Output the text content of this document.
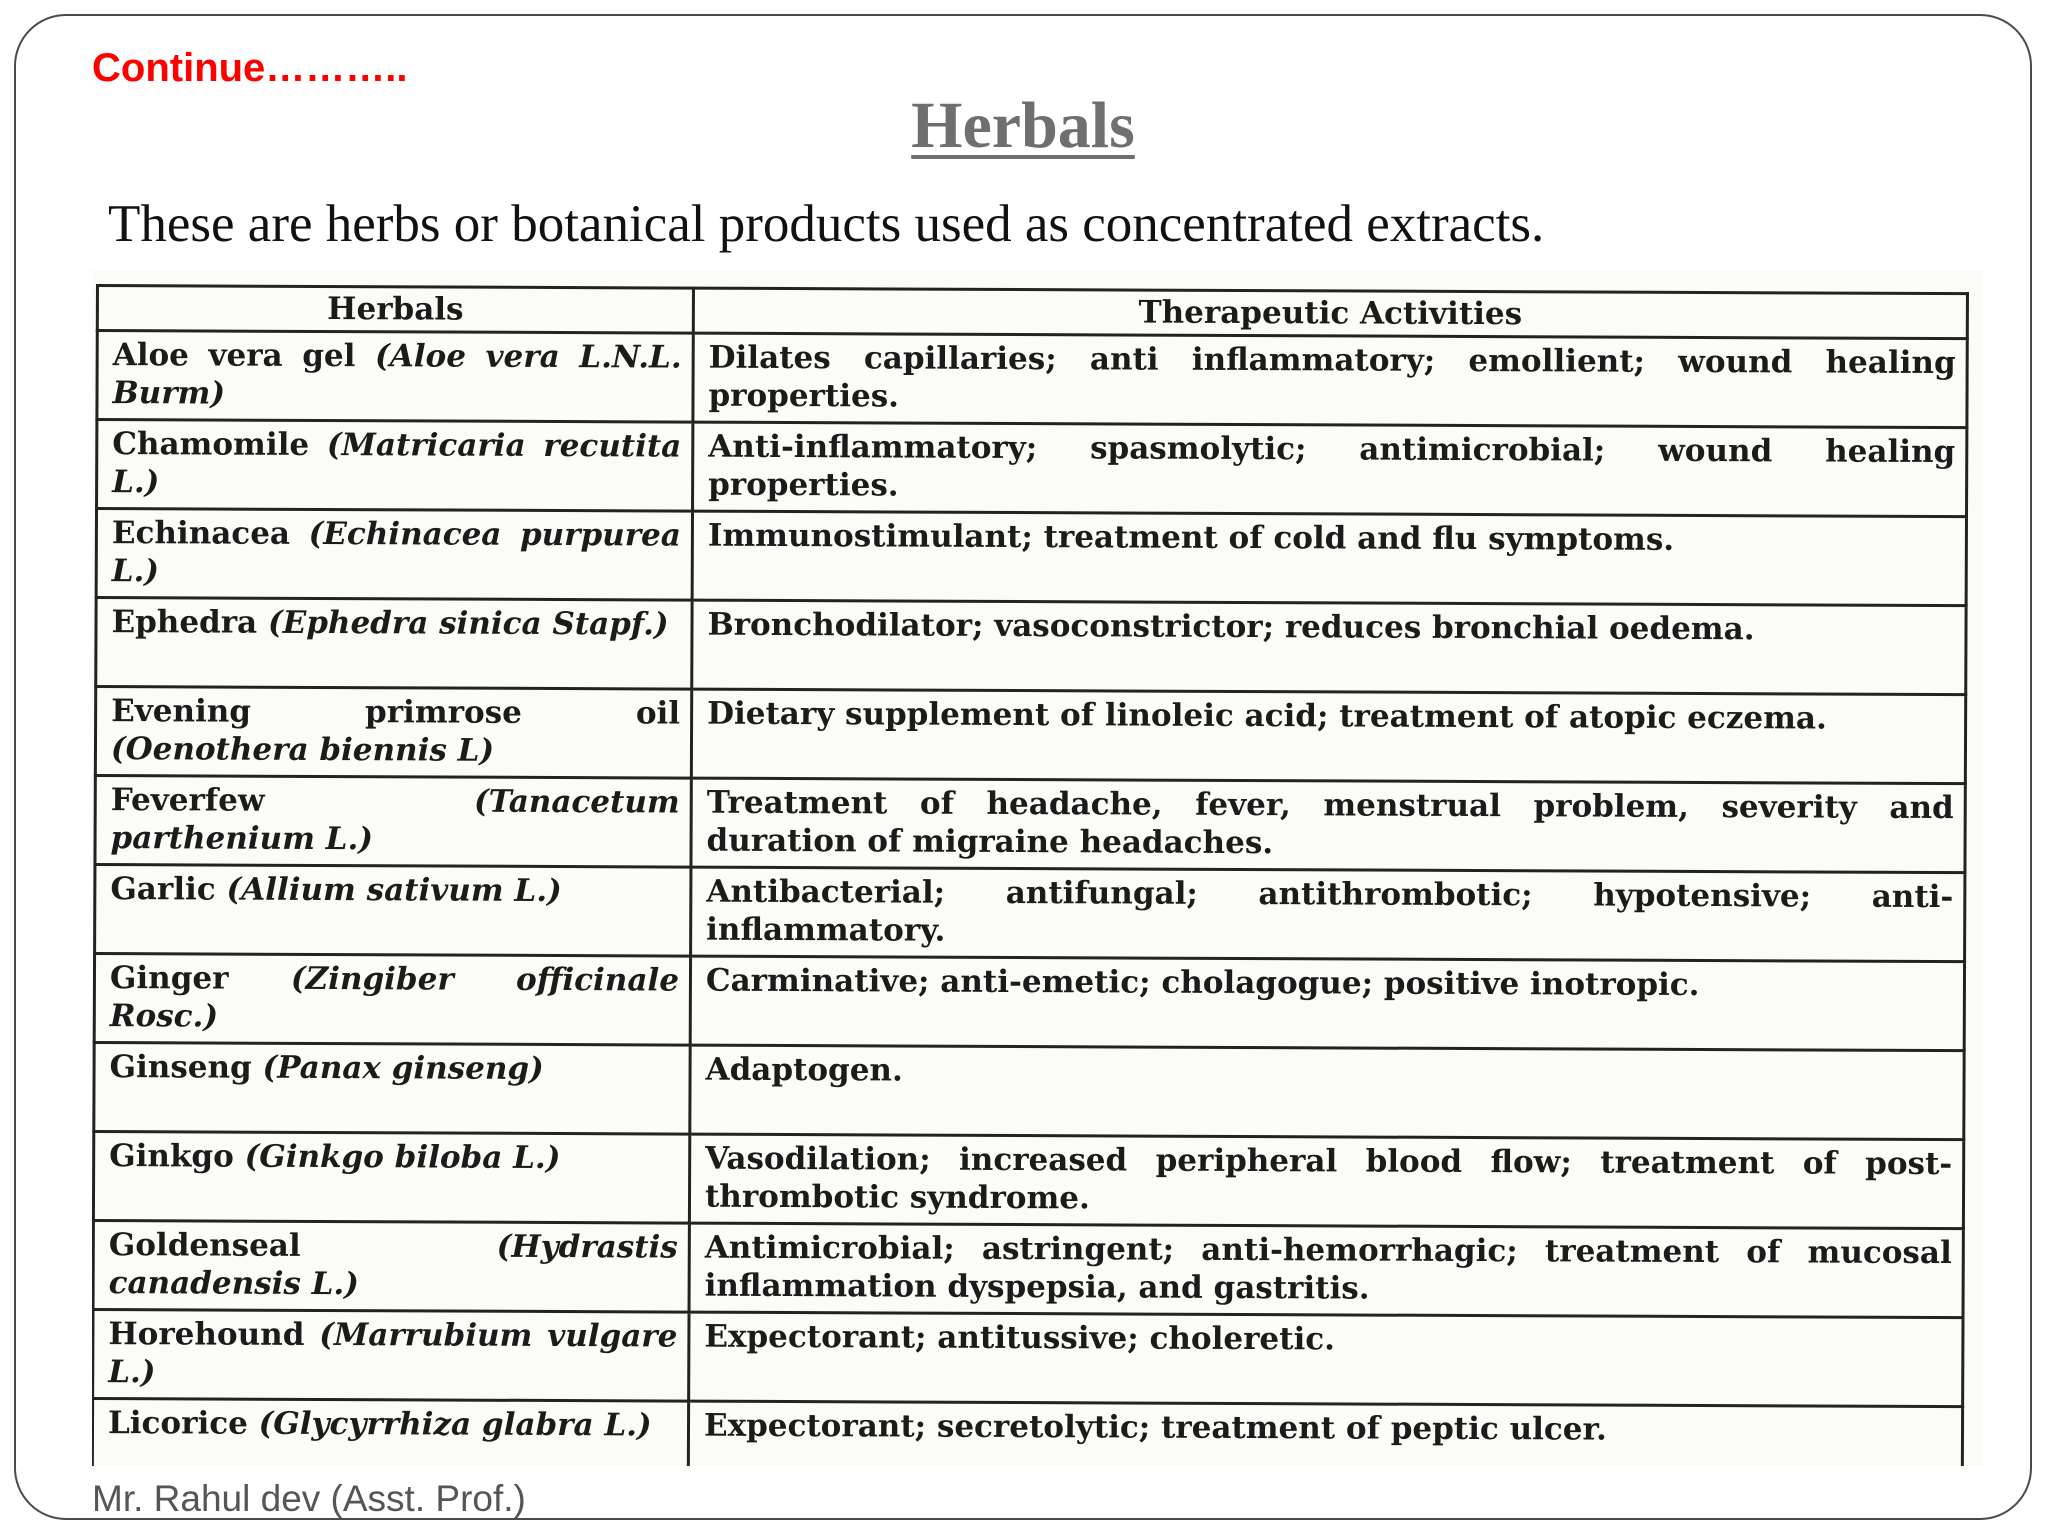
Continue………..
Herbals
These are herbs or botanical products used as concentrated extracts.
Herbals	Therapeutic Activities
Aloe vera gel (Aloe vera L.N.L. Burm)	Dilates capillaries; anti inflammatory; emollient; wound healing properties.
Chamomile (Matricaria recutita L.)	Anti-inflammatory; spasmolytic; antimicrobial; wound healing properties.
Echinacea (Echinacea purpurea L.)	Immunostimulant; treatment of cold and flu symptoms.
Ephedra (Ephedra sinica Stapf.)	Bronchodilator; vasoconstrictor; reduces bronchial oedema.
Evening primrose oil (Oenothera biennis L)	Dietary supplement of linoleic acid; treatment of atopic eczema.
Feverfew (Tanacetum parthenium L.)	Treatment of headache, fever, menstrual problem, severity and duration of migraine headaches.
Garlic (Allium sativum L.)	Antibacterial; antifungal; antithrombotic; hypotensive; anti-inflammatory.
Ginger (Zingiber officinale Rosc.)	Carminative; anti-emetic; cholagogue; positive inotropic.
Ginseng (Panax ginseng)	Adaptogen.
Ginkgo (Ginkgo biloba L.)	Vasodilation; increased peripheral blood flow; treatment of post-thrombotic syndrome.
Goldenseal (Hydrastis canadensis L.)	Antimicrobial; astringent; anti-hemorrhagic; treatment of mucosal inflammation dyspepsia, and gastritis.
Horehound (Marrubium vulgare L.)	Expectorant; antitussive; choleretic.
Licorice (Glycyrrhiza glabra L.)	Expectorant; secretolytic; treatment of peptic ulcer.

Mr. Rahul dev (Asst. Prof.)
